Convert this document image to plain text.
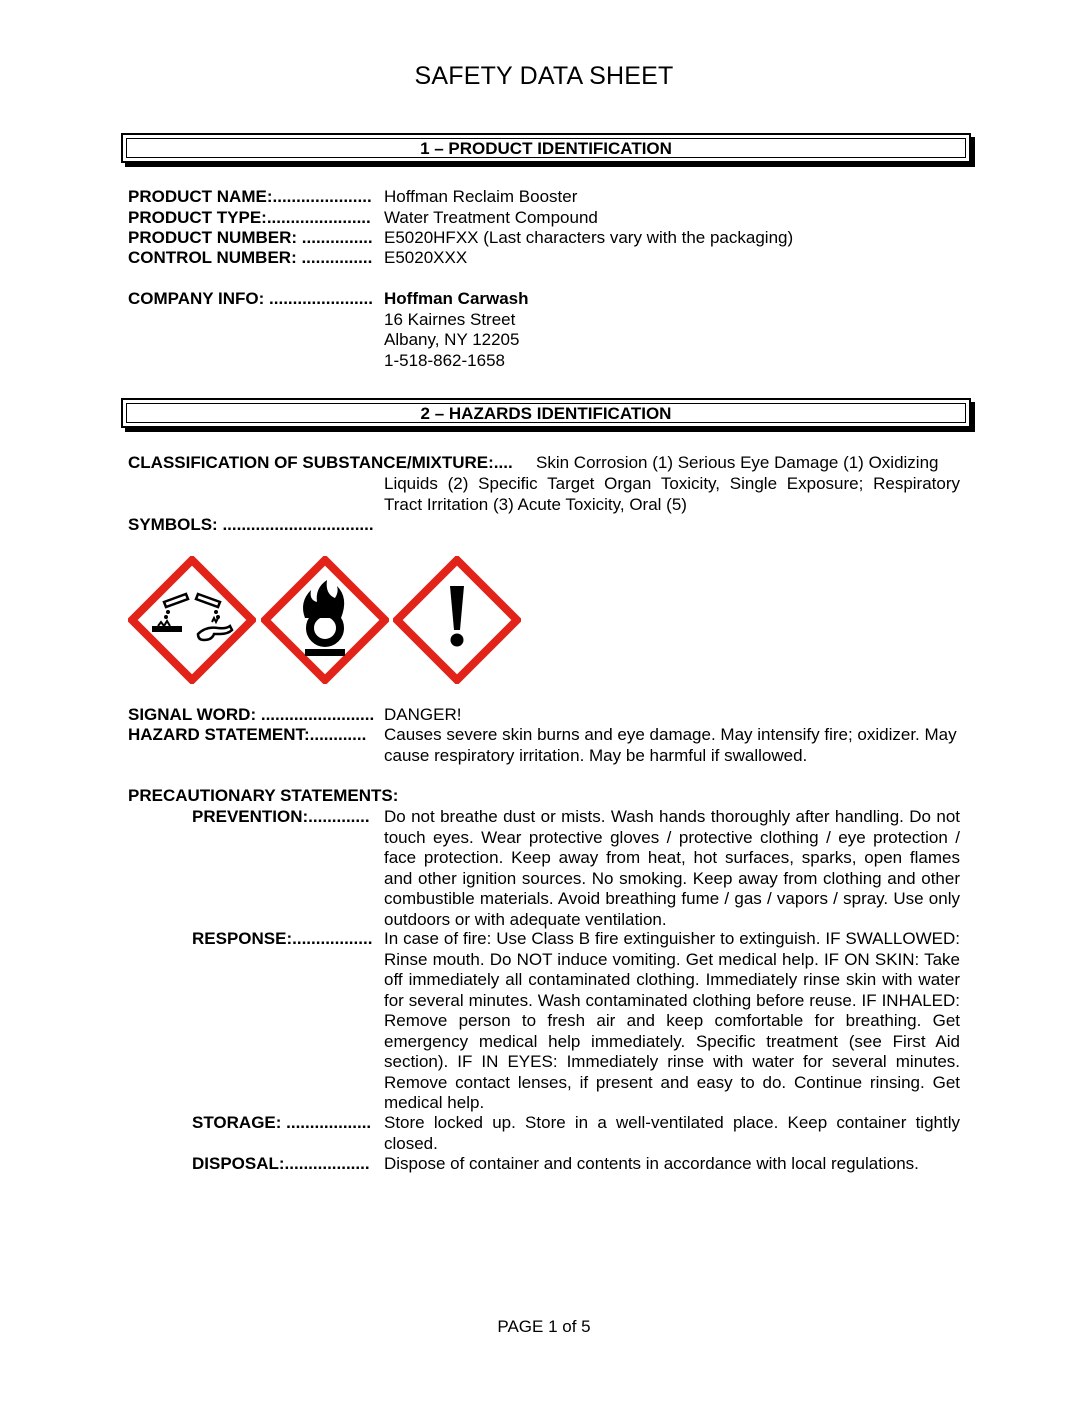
SAFETY DATA SHEET
1 – PRODUCT IDENTIFICATION
PRODUCT NAME:..................... Hoffman Reclaim Booster
PRODUCT TYPE:...................... Water Treatment Compound
PRODUCT NUMBER: ............... E5020HFXX (Last characters vary with the packaging)
CONTROL NUMBER: ............... E5020XXX
COMPANY INFO: ...................... Hoffman Carwash
16 Kairnes Street
Albany, NY 12205
1-518-862-1658
2 – HAZARDS IDENTIFICATION
CLASSIFICATION OF SUBSTANCE/MIXTURE:.... Skin Corrosion (1) Serious Eye Damage (1) Oxidizing
Liquids (2) Specific Target Organ Toxicity, Single Exposure; Respiratory Tract Irritation (3) Acute Toxicity, Oral (5)
SYMBOLS: ................................
SIGNAL WORD: ........................ DANGER!
HAZARD STATEMENT:............ Causes severe skin burns and eye damage. May intensify fire; oxidizer. May cause respiratory irritation. May be harmful if swallowed.
PRECAUTIONARY STATEMENTS:
PREVENTION:............. Do not breathe dust or mists. Wash hands thoroughly after handling. Do not touch eyes. Wear protective gloves / protective clothing / eye protection / face protection. Keep away from heat, hot surfaces, sparks, open flames and other ignition sources. No smoking. Keep away from clothing and other combustible materials. Avoid breathing fume / gas / vapors / spray. Use only outdoors or with adequate ventilation.
RESPONSE:................. In case of fire: Use Class B fire extinguisher to extinguish. IF SWALLOWED: Rinse mouth. Do NOT induce vomiting. Get medical help. IF ON SKIN: Take off immediately all contaminated clothing. Immediately rinse skin with water for several minutes. Wash contaminated clothing before reuse. IF INHALED: Remove person to fresh air and keep comfortable for breathing. Get emergency medical help immediately. Specific treatment (see First Aid section). IF IN EYES: Immediately rinse with water for several minutes. Remove contact lenses, if present and easy to do. Continue rinsing. Get medical help.
STORAGE: .................. Store locked up. Store in a well-ventilated place. Keep container tightly closed.
DISPOSAL:.................. Dispose of container and contents in accordance with local regulations.
PAGE 1 of 5
